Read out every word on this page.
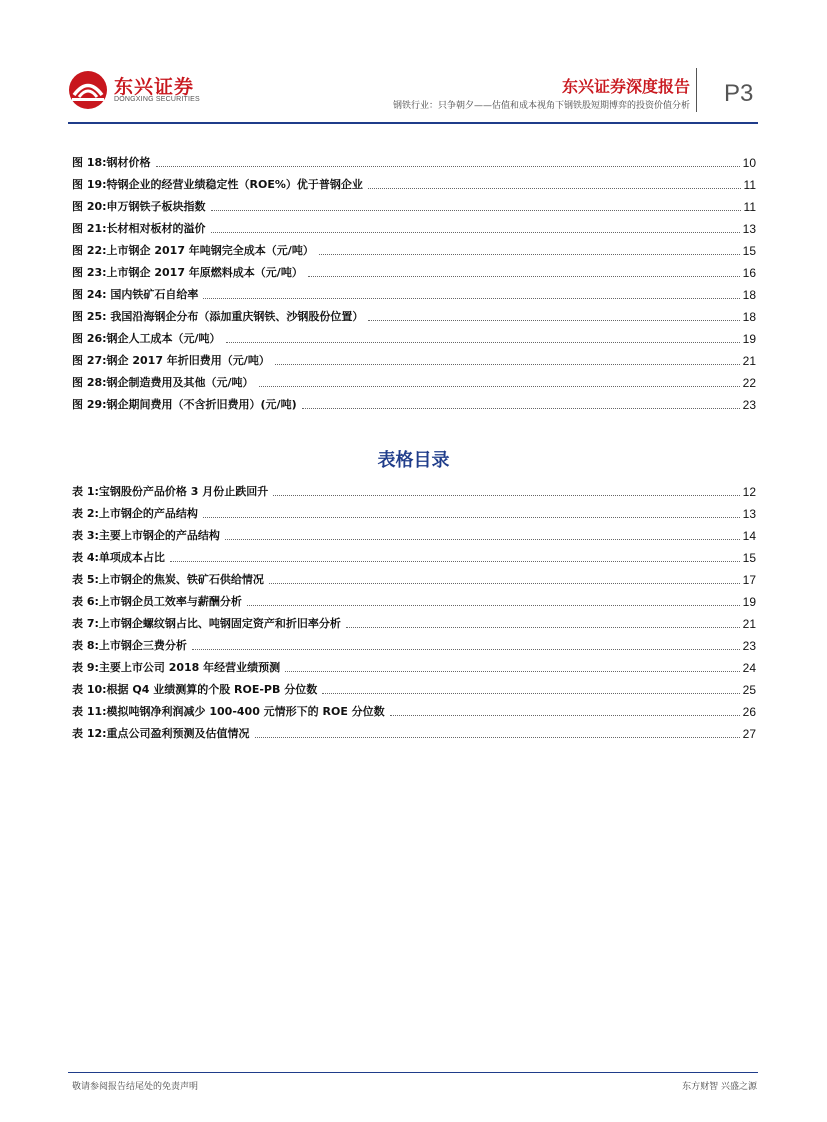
东兴证券
DONGXING SECURITIES
东兴证券深度报告
钢铁行业：只争朝夕——估值和成本视角下钢铁股短期博弈的投资价值分析 P3
图 18:钢材价格	10
图 19:特钢企业的经营业绩稳定性（ROE%）优于普钢企业	11
图 20:申万钢铁子板块指数	11
图 21:长材相对板材的溢价	13
图 22:上市钢企 2017 年吨钢完全成本（元/吨）	15
图 23:上市钢企 2017 年原燃料成本（元/吨）	16
图 24: 国内铁矿石自给率	18
图 25: 我国沿海钢企分布（添加重庆钢铁、沙钢股份位置）	18
图 26:钢企人工成本（元/吨）	19
图 27:钢企 2017 年折旧费用（元/吨）	21
图 28:钢企制造费用及其他（元/吨）	22
图 29:钢企期间费用（不含折旧费用）(元/吨)	23
表格目录
表 1:宝钢股份产品价格 3 月份止跌回升	12
表 2:上市钢企的产品结构	13
表 3:主要上市钢企的产品结构	14
表 4:单项成本占比	15
表 5:上市钢企的焦炭、铁矿石供给情况	17
表 6:上市钢企员工效率与薪酬分析	19
表 7:上市钢企螺纹钢占比、吨钢固定资产和折旧率分析	21
表 8:上市钢企三费分析	23
表 9:主要上市公司 2018 年经营业绩预测	24
表 10:根据 Q4 业绩测算的个股 ROE-PB 分位数	25
表 11:模拟吨钢净利润减少 100-400 元情形下的 ROE 分位数	26
表 12:重点公司盈利预测及估值情况	27
敬请参阅报告结尾处的免责声明	东方财智 兴盛之源
